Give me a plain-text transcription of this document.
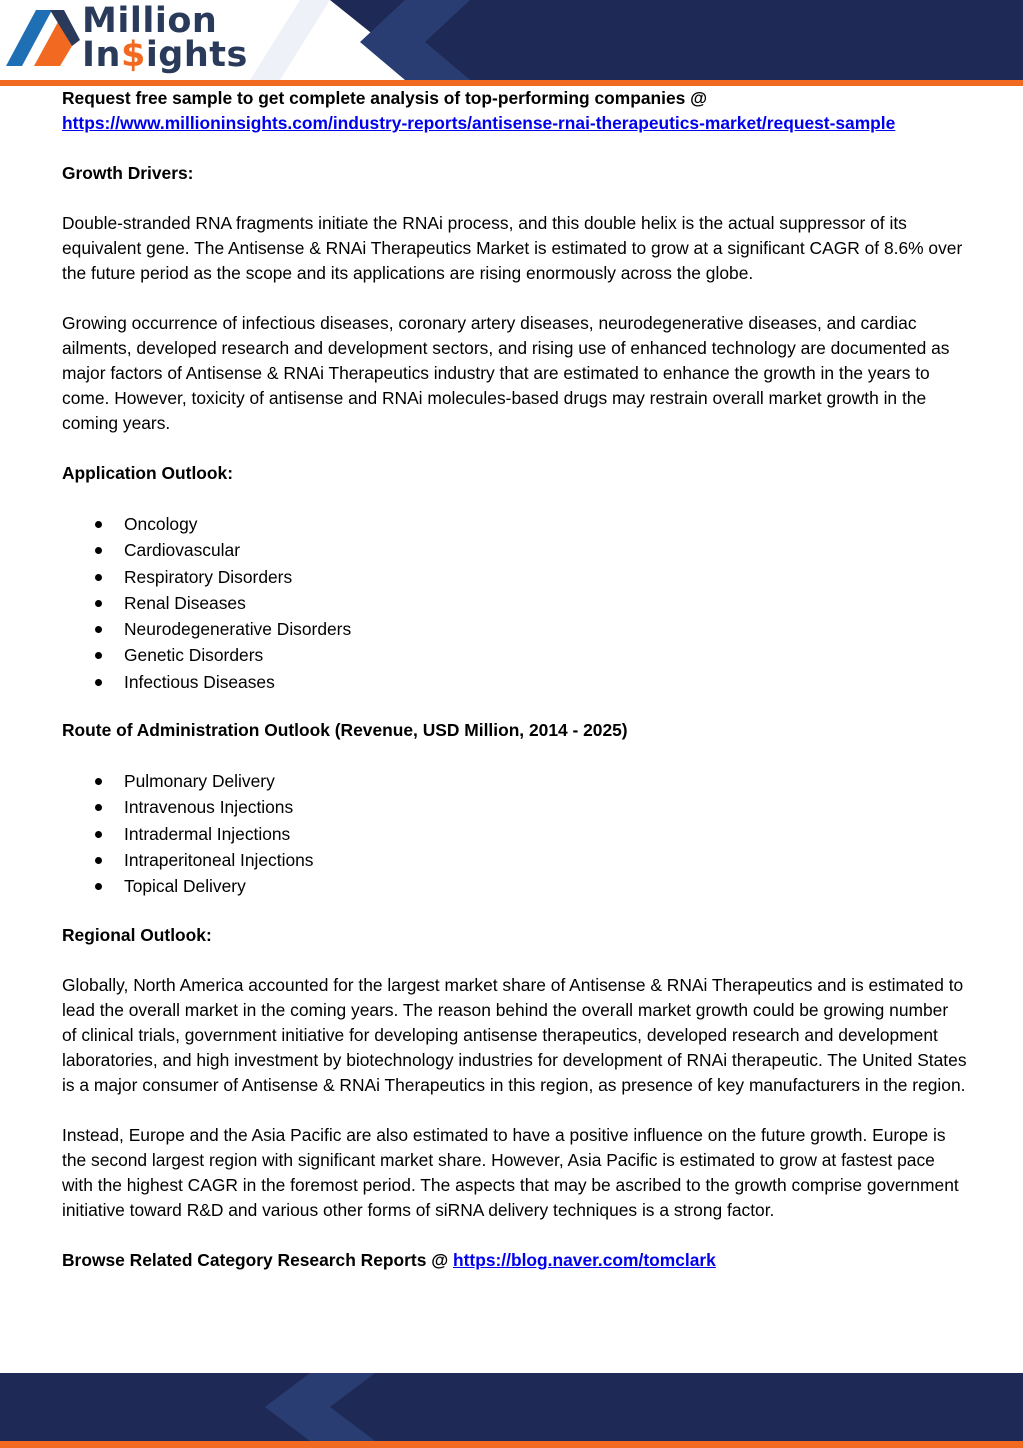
Million
In$ights

Request free sample to get complete analysis of top-performing companies @

https://www.millioninsights.com/industry-reports/antisense-rnai-therapeutics-market/request-sample

Growth Drivers:

Double-stranded RNA fragments initiate the RNAi process, and this double helix is the actual suppressor of its equivalent gene. The Antisense & RNAi Therapeutics Market is estimated to grow at a significant CAGR of 8.6% over the future period as the scope and its applications are rising enormously across the globe.

Growing occurrence of infectious diseases, coronary artery diseases, neurodegenerative diseases, and cardiac ailments, developed research and development sectors, and rising use of enhanced technology are documented as major factors of Antisense & RNAi Therapeutics industry that are estimated to enhance the growth in the years to come. However, toxicity of antisense and RNAi molecules-based drugs may restrain overall market growth in the coming years.

Application Outlook:

Oncology
Cardiovascular
Respiratory Disorders
Renal Diseases
Neurodegenerative Disorders
Genetic Disorders
Infectious Diseases

Route of Administration Outlook (Revenue, USD Million, 2014 - 2025)

Pulmonary Delivery
Intravenous Injections
Intradermal Injections
Intraperitoneal Injections
Topical Delivery

Regional Outlook:

Globally, North America accounted for the largest market share of Antisense & RNAi Therapeutics and is estimated to lead the overall market in the coming years. The reason behind the overall market growth could be growing number of clinical trials, government initiative for developing antisense therapeutics, developed research and development laboratories, and high investment by biotechnology industries for development of RNAi therapeutic. The United States is a major consumer of Antisense & RNAi Therapeutics in this region, as presence of key manufacturers in the region.

Instead, Europe and the Asia Pacific are also estimated to have a positive influence on the future growth. Europe is the second largest region with significant market share. However, Asia Pacific is estimated to grow at fastest pace with the highest CAGR in the foremost period. The aspects that may be ascribed to the growth comprise government initiative toward R&D and various other forms of siRNA delivery techniques is a strong factor.

Browse Related Category Research Reports @ https://blog.naver.com/tomclark
